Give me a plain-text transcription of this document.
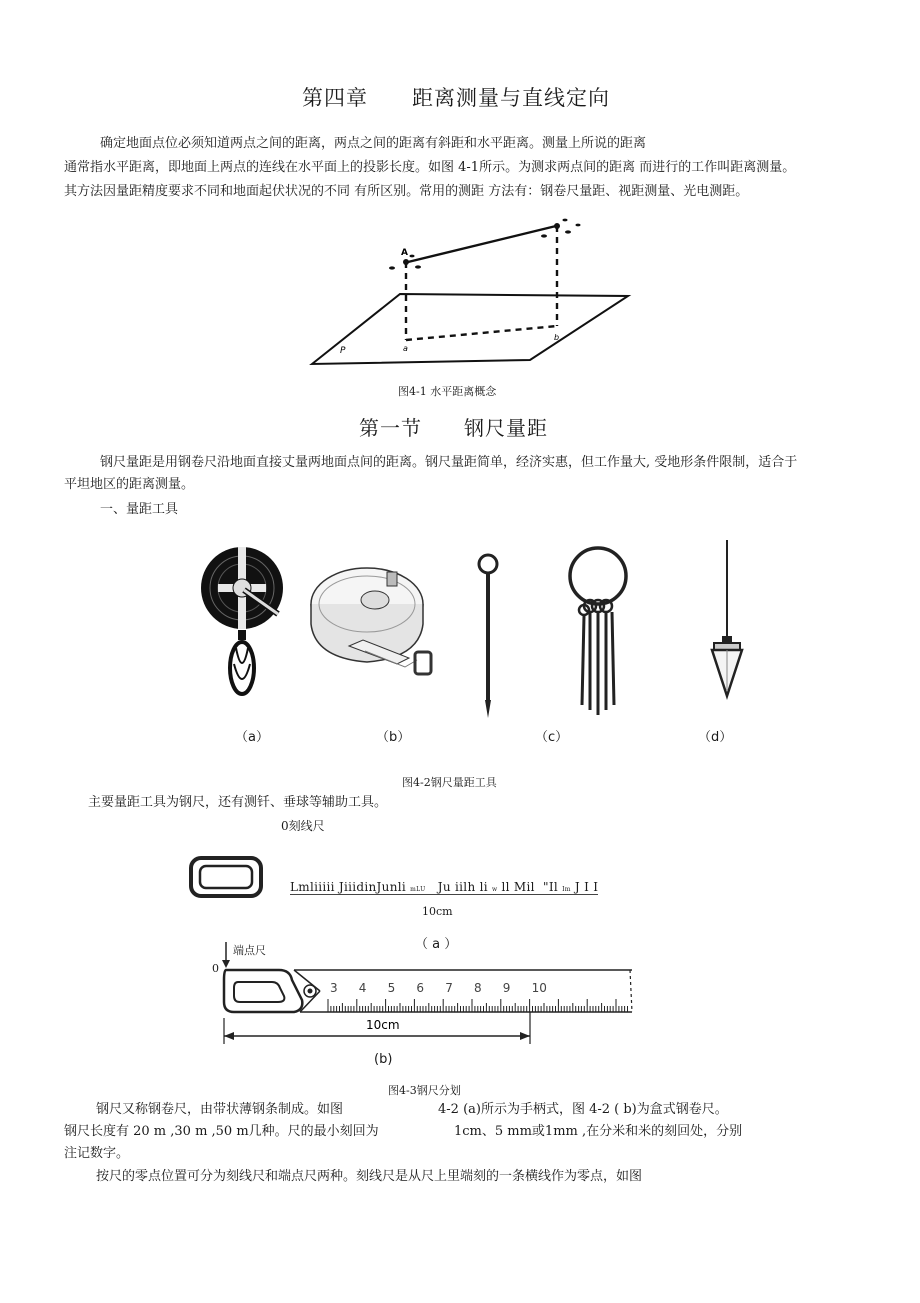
第四章　　距离测量与直线定向
确定地面点位必须知道两点之间的距离，两点之间的距离有斜距和水平距离。测量上所说的距离
通常指水平距离，即地面上两点的连线在水平面上的投影长度。如图 4-1所示。为测求两点间的距离 而进行的工作叫距离测量。
其方法因量距精度要求不同和地面起伏状况的不同 有所区别。常用的测距 方法有：钢卷尺量距、视距测量、光电测距。
A
a
b
P
图4-1 水平距离概念
第一节　　钢尺量距
钢尺量距是用钢卷尺沿地面直接丈量两地面点间的距离。钢尺量距简单，经济实惠，但工作量大, 受地形条件限制，适合于
平坦地区的距离测量。
一、量距工具
（a）	（b）	（c）	（d）
图4-2钢尺量距工具
主要量距工具为钢尺，还有测钎、垂球等辅助工具。
0刻线尺
Lmliiiii JiiidinJunli mLU   Ju iilh li w ll Mil  "Il Im J I I
10cm
（ a ）
端点尺
0
3 4 5 6 7 8 9 10
10cm
(b)
图4-3钢尺分划
钢尺又称钢卷尺，由带状薄钢条制成。如图	4-2 (a)所示为手柄式，图 4-2 ( b)为盒式钢卷尺。
钢尺长度有 20 m ,30 m ,50 m几种。尺的最小刻回为	1cm、5 mm或1mm ,在分米和米的刻回处，分别
注记数字。
按尺的零点位置可分为刻线尺和端点尺两种。刻线尺是从尺上里端刻的一条横线作为零点，如图
